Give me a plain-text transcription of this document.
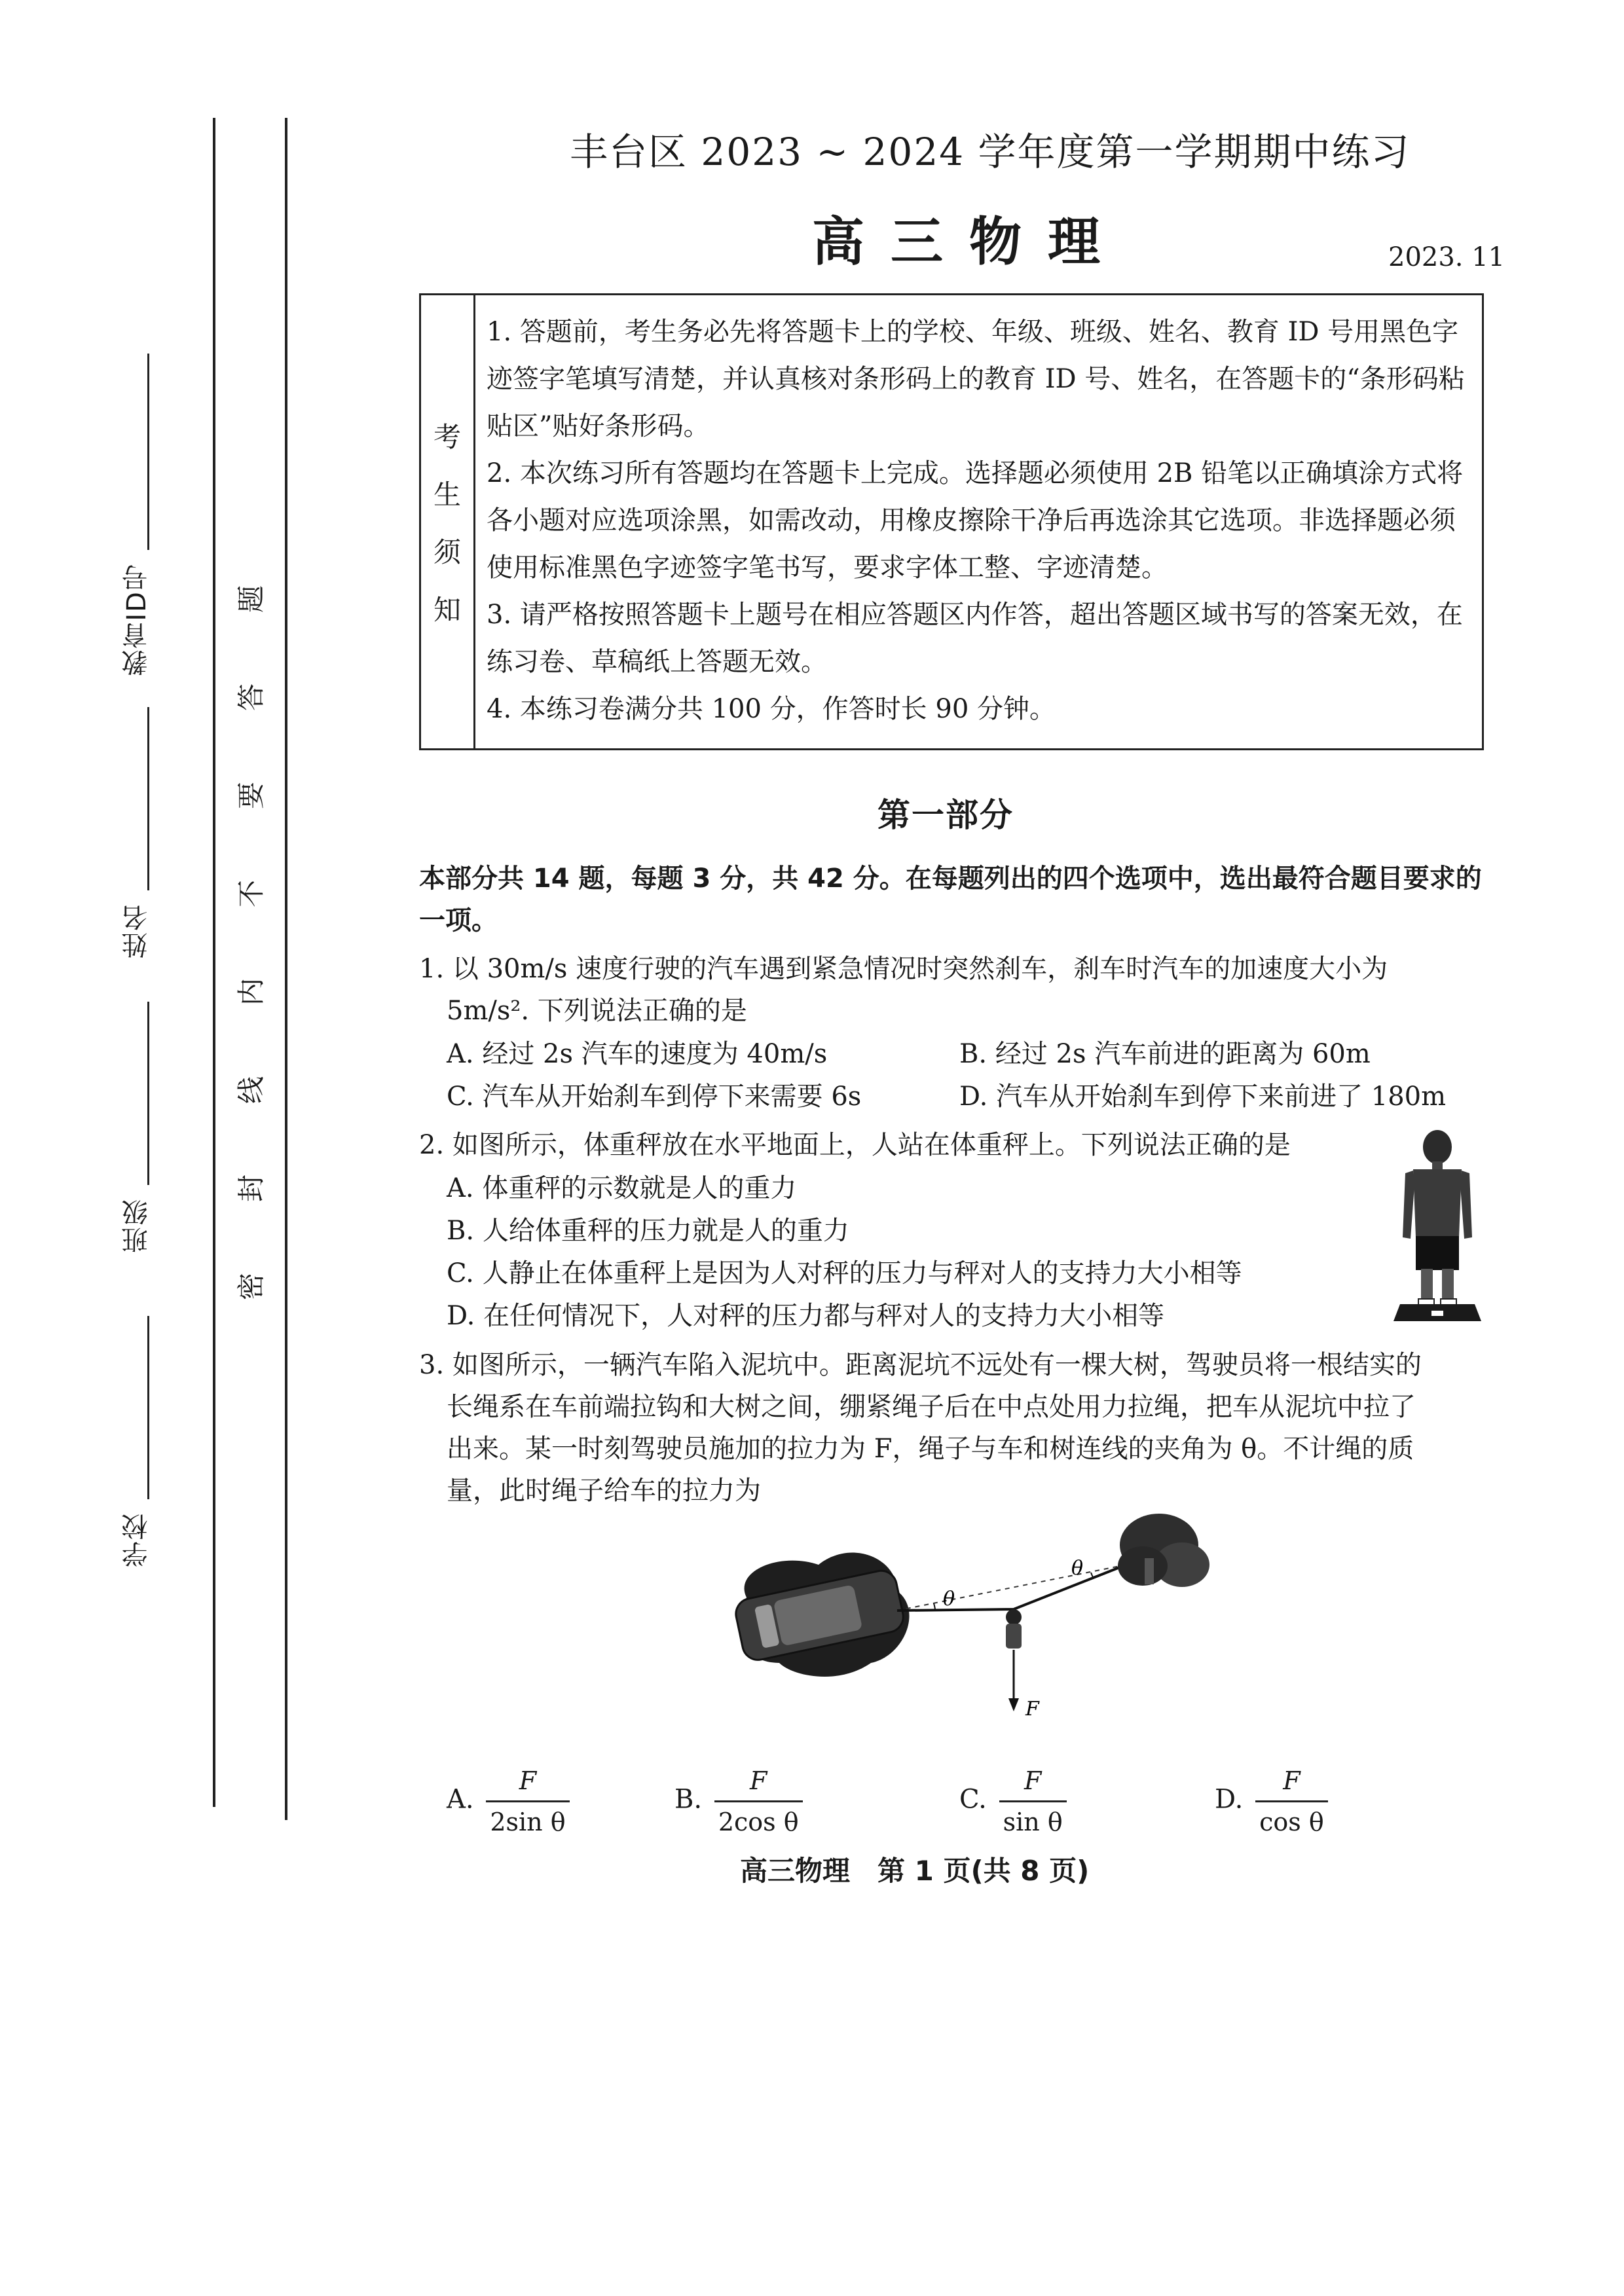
学校
班级
姓名
教育ID号
密
封
线
内
不
要
答
题
丰台区 2023 ~ 2024 学年度第一学期期中练习
高三物理	2023. 11
考
生
须
知
1. 答题前，考生务必先将答题卡上的学校、年级、班级、姓名、教育 ID 号用黑色字迹签字笔填写清楚，并认真核对条形码上的教育 ID 号、姓名，在答题卡的“条形码粘贴区”贴好条形码。
2. 本次练习所有答题均在答题卡上完成。选择题必须使用 2B 铅笔以正确填涂方式将各小题对应选项涂黑，如需改动，用橡皮擦除干净后再选涂其它选项。非选择题必须使用标准黑色字迹签字笔书写，要求字体工整、字迹清楚。
3. 请严格按照答题卡上题号在相应答题区内作答，超出答题区域书写的答案无效，在练习卷、草稿纸上答题无效。
4. 本练习卷满分共 100 分，作答时长 90 分钟。
第一部分
本部分共 14 题，每题 3 分，共 42 分。在每题列出的四个选项中，选出最符合题目要求的一项。
1. 以 30m/s 速度行驶的汽车遇到紧急情况时突然刹车，刹车时汽车的加速度大小为
5m/s². 下列说法正确的是
A. 经过 2s 汽车的速度为 40m/s	B. 经过 2s 汽车前进的距离为 60m
C. 汽车从开始刹车到停下来需要 6s	D. 汽车从开始刹车到停下来前进了 180m
2. 如图所示，体重秤放在水平地面上，人站在体重秤上。下列说法正确的是
A. 体重秤的示数就是人的重力
B. 人给体重秤的压力就是人的重力
C. 人静止在体重秤上是因为人对秤的压力与秤对人的支持力大小相等
D. 在任何情况下，人对秤的压力都与秤对人的支持力大小相等
3. 如图所示，一辆汽车陷入泥坑中。距离泥坑不远处有一棵大树，驾驶员将一根结实的
长绳系在车前端拉钩和大树之间，绷紧绳子后在中点处用力拉绳，把车从泥坑中拉了
出来。某一时刻驾驶员施加的拉力为 F，绳子与车和树连线的夹角为 θ。不计绳的质
量，此时绳子给车的拉力为
θ
θ
F
A. $\frac{F}{\text{2sin θ}}$	B. $\frac{F}{\text{2cos θ}}$	C. $\frac{F}{\text{sin θ}}$	D. $\frac{F}{\text{cos θ}}$
高三物理　第 1 页(共 8 页)
